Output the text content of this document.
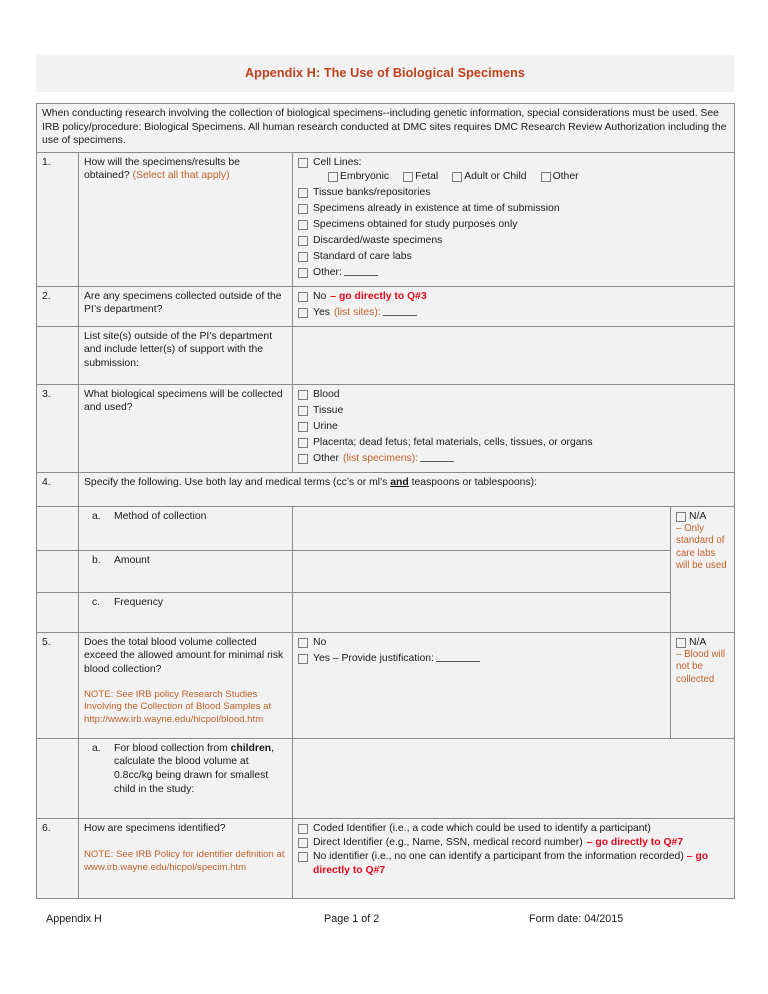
Appendix H: The Use of Biological Specimens
When conducting research involving the collection of biological specimens--including genetic information, special considerations must be used. See IRB policy/procedure: Biological Specimens. All human research conducted at DMC sites requires DMC Research Review Authorization including the use of specimens.			
1.	How will the specimens/results be obtained? (Select all that apply)	
Cell Lines:
Embryonic	Fetal	Adult or Child	Other
Tissue banks/repositories
Specimens already in existence at time of submission
Specimens obtained for study purposes only
Discarded/waste specimens
Standard of care labs
Other:

2.	Are any specimens collected outside of the PI’s department?	No – go directly to Q#3
Yes (list sites):	

	List site(s) outside of the PI’s department and include letter(s) of support with the submission:		
3.	What biological specimens will be collected and used?	
Blood
Tissue
Urine
Placenta; dead fetus; fetal materials, cells, tissues, or organs
Other (list specimens):

4.	Specify the following. Use both lay and medical terms (cc’s or ml’s and teaspoons or tablespoons):		

	a. Method of collection		N/A
– Only standard of care labs will be used

	b. Amount		

	c. Frequency		

5.	Does the total blood volume collected exceed the allowed amount for minimal risk blood collection?
NOTE: See IRB policy Research Studies Involving the Collection of Blood Samples at http://www.irb.wayne.edu/hicpol/blood.htm

No
Yes – Provide justification:

N/A
– Blood will not be collected

	a. For blood collection from children, calculate the blood volume at 0.8cc/kg being drawn for smallest child in the study:		

6.	How are specimens identified?
NOTE: See IRB Policy for identifier definition at www.irb.wayne.edu/hicpol/specim.htm

Coded Identifier (i.e., a code which could be used to identify a participant)
Direct Identifier (e.g., Name, SSN, medical record number) – go directly to Q#7
No identifier (i.e., no one can identify a participant from the information recorded) – go directly to Q#7
Appendix H	Page 1 of 2	Form date: 04/2015
